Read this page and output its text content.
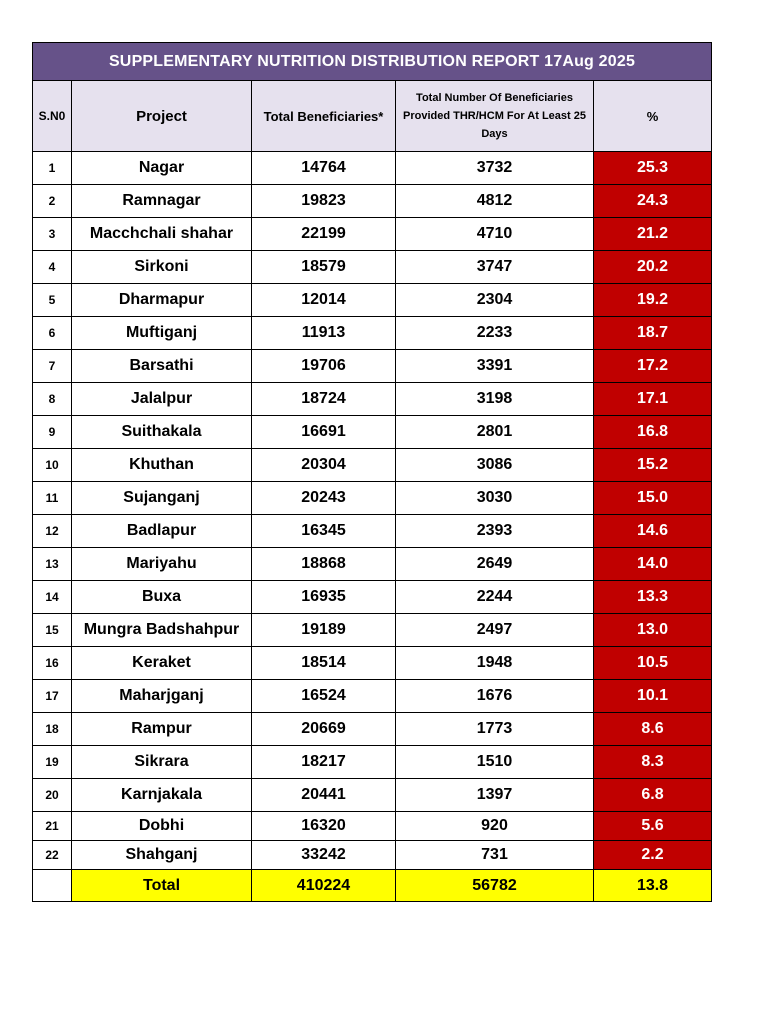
SUPPLEMENTARY NUTRITION DISTRIBUTION REPORT 17Aug 2025				
S.N0	Project	Total Beneficiaries*	Total Number Of Beneficiaries Provided THR/HCM For At Least 25 Days	%
1	Nagar	14764	3732	25.3
2	Ramnagar	19823	4812	24.3
3	Macchchali shahar	22199	4710	21.2
4	Sirkoni	18579	3747	20.2
5	Dharmapur	12014	2304	19.2
6	Muftiganj	11913	2233	18.7
7	Barsathi	19706	3391	17.2
8	Jalalpur	18724	3198	17.1
9	Suithakala	16691	2801	16.8
10	Khuthan	20304	3086	15.2
11	Sujanganj	20243	3030	15.0
12	Badlapur	16345	2393	14.6
13	Mariyahu	18868	2649	14.0
14	Buxa	16935	2244	13.3
15	Mungra Badshahpur	19189	2497	13.0
16	Keraket	18514	1948	10.5
17	Maharjganj	16524	1676	10.1
18	Rampur	20669	1773	8.6
19	Sikrara	18217	1510	8.3
20	Karnjakala	20441	1397	6.8
21	Dobhi	16320	920	5.6
22	Shahganj	33242	731	2.2
	Total	410224	56782	13.8
